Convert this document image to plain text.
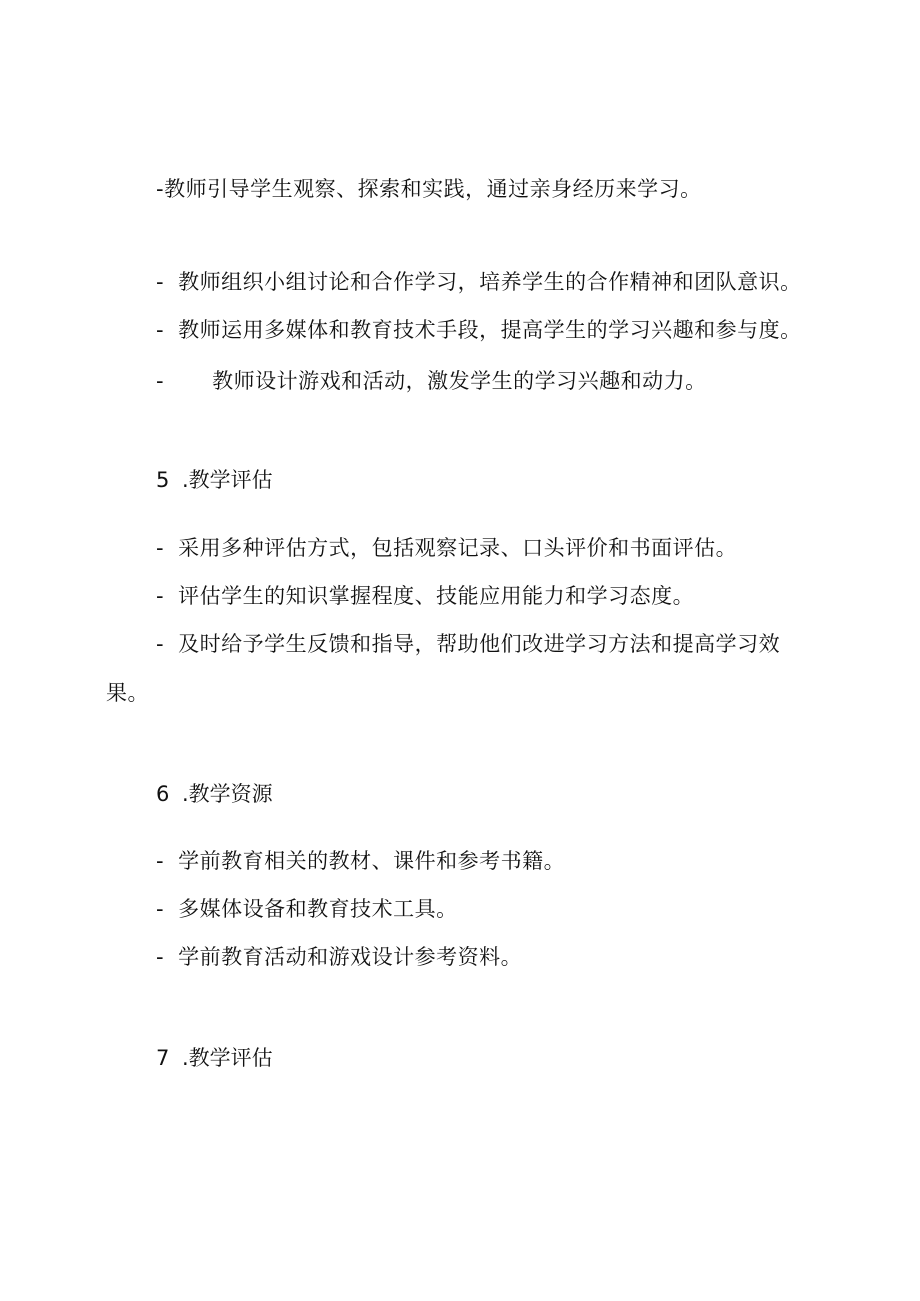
-教师引导学生观察、探索和实践，通过亲身经历来学习。
- 教师组织小组讨论和合作学习，培养学生的合作精神和团队意识。
- 教师运用多媒体和教育技术手段，提高学生的学习兴趣和参与度。
- 教师设计游戏和活动，激发学生的学习兴趣和动力。
5 .教学评估
- 采用多种评估方式，包括观察记录、口头评价和书面评估。
- 评估学生的知识掌握程度、技能应用能力和学习态度。
- 及时给予学生反馈和指导，帮助他们改进学习方法和提高学习效
果。
6 .教学资源
- 学前教育相关的教材、课件和参考书籍。
- 多媒体设备和教育技术工具。
- 学前教育活动和游戏设计参考资料。
7 .教学评估
